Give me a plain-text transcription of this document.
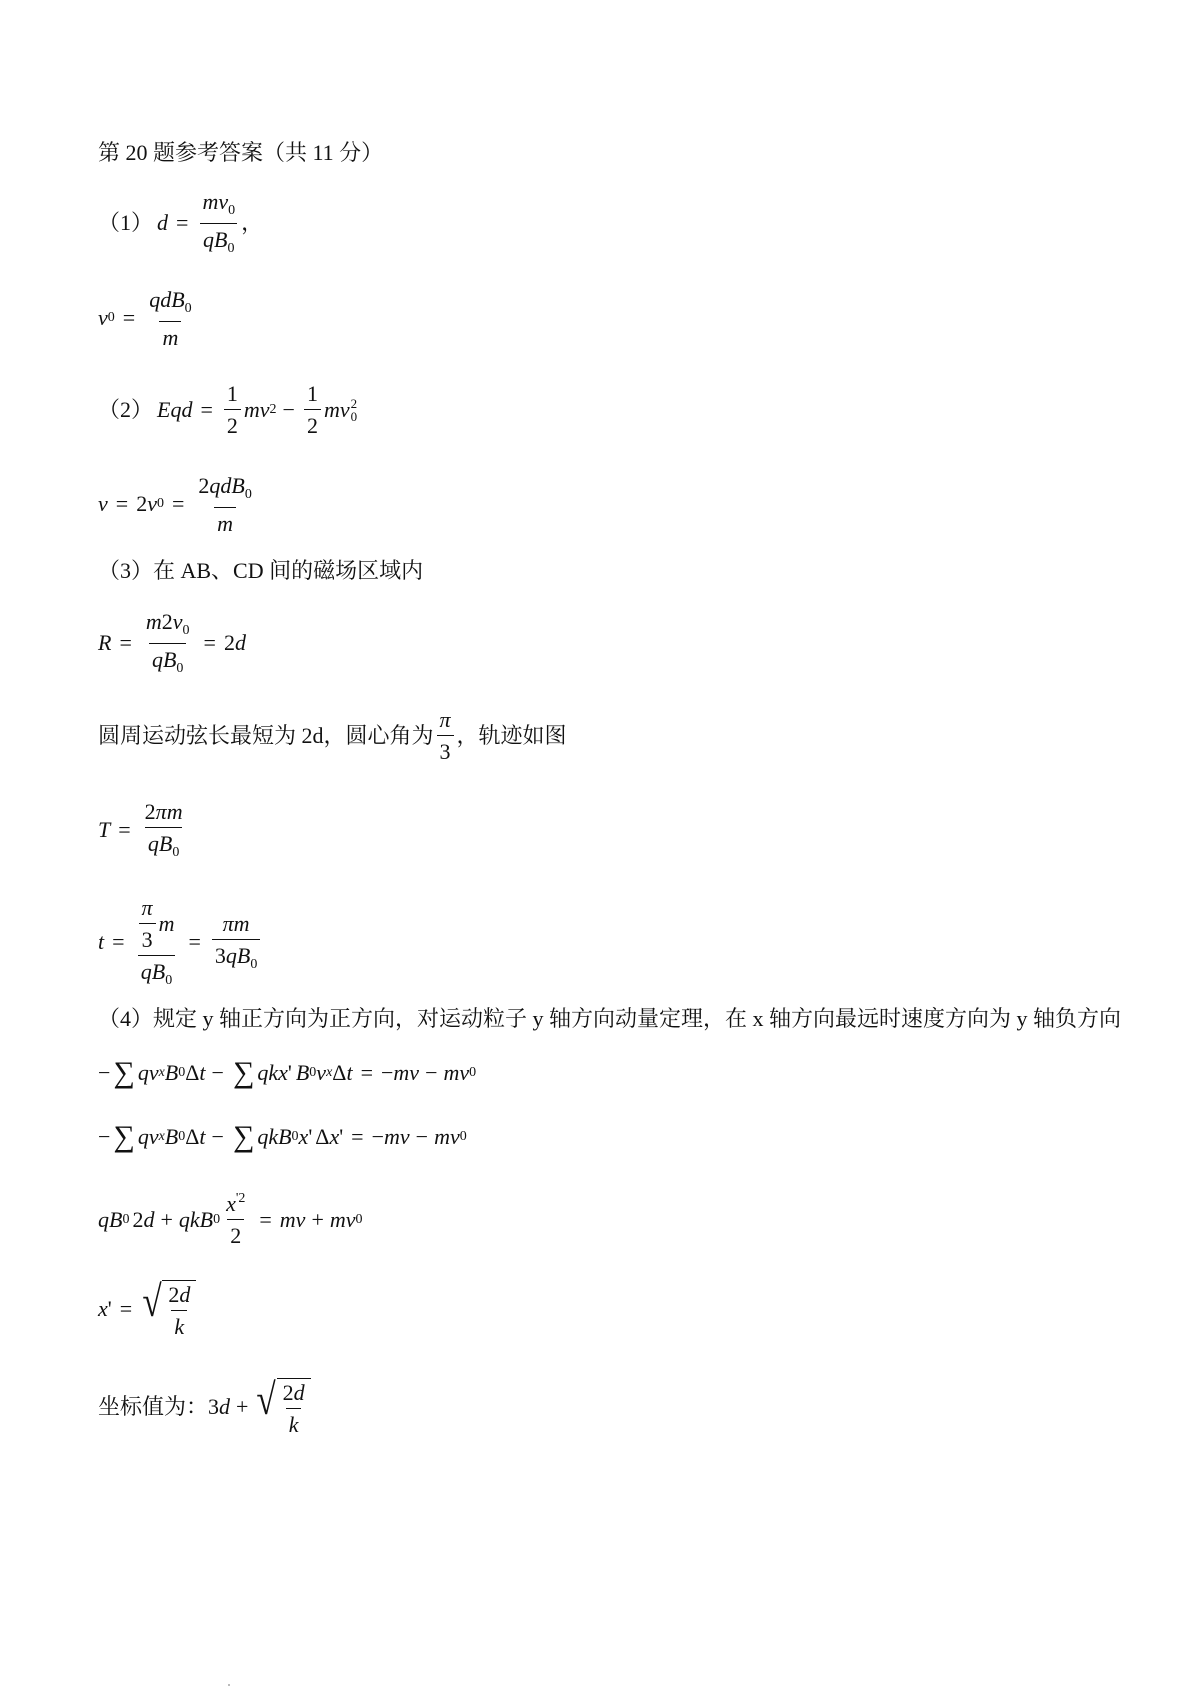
第 20 题参考答案（共 11 分）
（1） $d = \frac{mv_0}{qB_0}$ ，
v $0 = \frac{qdB_0}{m}$
（2） Eqd = $\frac{1}{2}$ mv $2 - \frac{1}{2}$ mv 2
0
v = 2 v $0 = \frac{2qdB_0}{m}$
（3）在 AB、CD 间的磁场区域内
$R = \frac{m2v_0}{qB_0} = 2$ d
圆周运动弦长最短为 2d，圆心角为 $\frac{\pi}{3}$ ，轨迹如图
$T = \frac{2\pi m}{qB_0}$
$t = \frac{\frac{\pi}{3} m}{qB_0} = \frac{\pi m}{3qB_0}$
（4）规定 y 轴正方向为正方向，对运动粒子 y 轴方向动量定理，在 x 轴方向最远时速度方向为 y 轴负方向
− ∑ qv x B 0 Δ t − ∑ qkx ' B 0 v x Δ t = − mv − mv 0
− ∑ qv x B 0 Δ t − ∑ qkB 0 x ' Δ x ' = − mv − mv 0
qB 0 2 d + qkB $0 \frac{x^{'2}}{2}$ = mv + mv 0
x ' = √ $\frac{2d}{k}$
坐标值为： 3 d + √ $\frac{2d}{k}$
